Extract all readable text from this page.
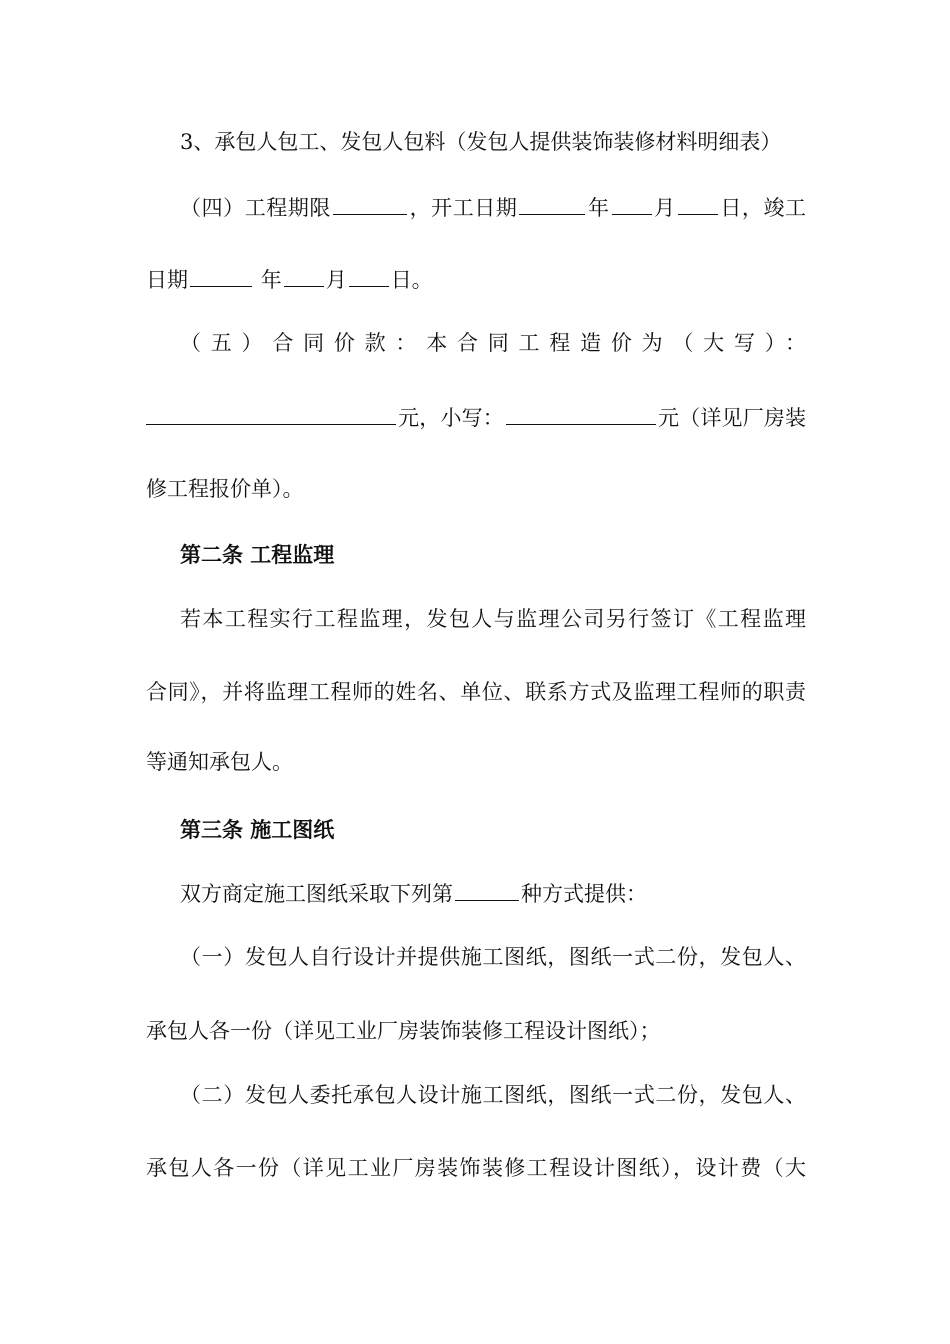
3、承包人包工、发包人包料（发包人提供装饰装修材料明细表）
（四）工程期限	，开工日期	年 月 日，竣工
日期	年 月 日。
（五）合同价款：本合同工程造价为（大写）：
元，小写：	元（详见厂房装
修工程报价单）。
第二条 工程监理
若本工程实行工程监理，发包人与监理公司另行签订《工程监理
合同》，并将监理工程师的姓名、单位、联系方式及监理工程师的职责
等通知承包人。
第三条 施工图纸
双方商定施工图纸采取下列第	种方式提供：
（一）发包人自行设计并提供施工图纸，图纸一式二份，发包人、
承包人各一份（详见工业厂房装饰装修工程设计图纸）；
（二）发包人委托承包人设计施工图纸，图纸一式二份，发包人、
承包人各一份（详见工业厂房装饰装修工程设计图纸），设计费（大
